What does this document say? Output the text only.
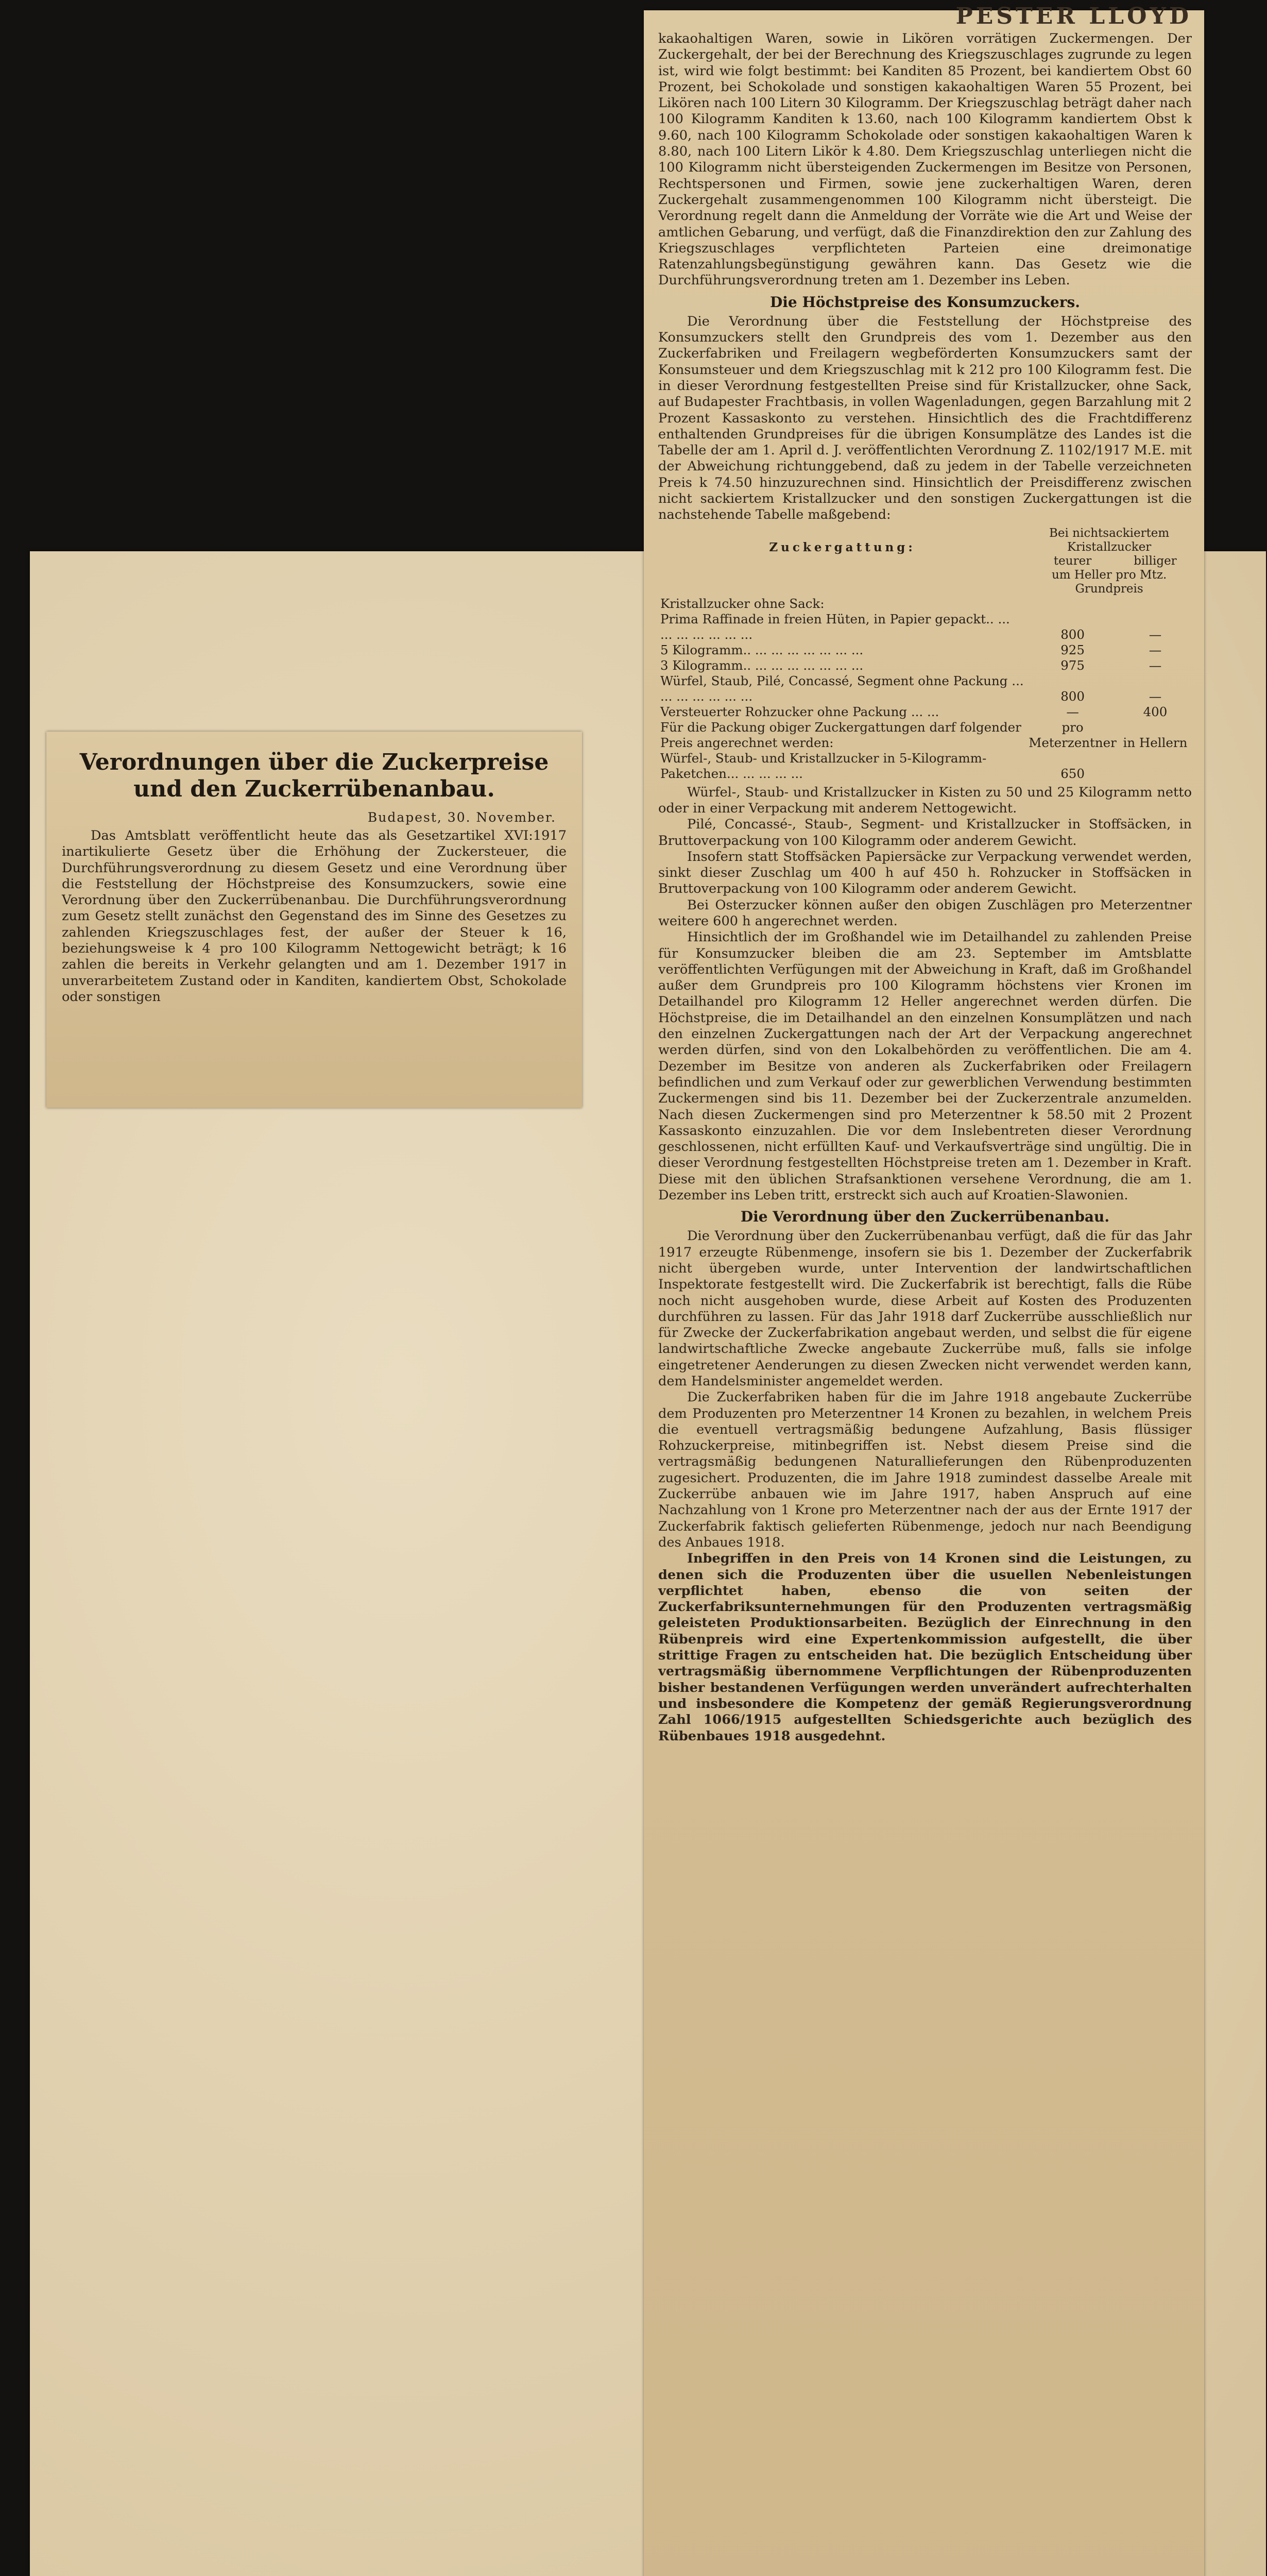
Verordnungen über die Zuckerpreise und den Zuckerrübenanbau.
Budapest, 30. November.

Das Amtsblatt veröffentlicht heute das als Gesetzartikel XVI:1917 inartikulierte Gesetz über die Erhöhung der Zuckersteuer, die Durchführungsverordnung zu diesem Gesetz und eine Verordnung über die Feststellung der Höchstpreise des Konsumzuckers, sowie eine Verordnung über den Zuckerrübenanbau. Die Durchführungsverordnung zum Gesetz stellt zunächst den Gegenstand des im Sinne des Gesetzes zu zahlenden Kriegszuschlages fest, der außer der Steuer k 16, beziehungsweise k 4 pro 100 Kilogramm Nettogewicht beträgt; k 16 zahlen die bereits in Verkehr gelangten und am 1. Dezember 1917 in unverarbeitetem Zustand oder in Kanditen, kandiertem Obst, Schokolade oder sonstigen

PESTER LLOYD

kakaohaltigen Waren, sowie in Likören vorrätigen Zuckermengen. Der Zuckergehalt, der bei der Berechnung des Kriegszuschlages zugrunde zu legen ist, wird wie folgt bestimmt: bei Kanditen 85 Prozent, bei kandiertem Obst 60 Prozent, bei Schokolade und sonstigen kakaohaltigen Waren 55 Prozent, bei Likören nach 100 Litern 30 Kilogramm. Der Kriegszuschlag beträgt daher nach 100 Kilogramm Kanditen k 13.60, nach 100 Kilogramm kandiertem Obst k 9.60, nach 100 Kilogramm Schokolade oder sonstigen kakaohaltigen Waren k 8.80, nach 100 Litern Likör k 4.80. Dem Kriegszuschlag unterliegen nicht die 100 Kilogramm nicht übersteigenden Zuckermengen im Besitze von Personen, Rechtspersonen und Firmen, sowie jene zuckerhaltigen Waren, deren Zuckergehalt zusammengenommen 100 Kilogramm nicht übersteigt. Die Verordnung regelt dann die Anmeldung der Vorräte wie die Art und Weise der amtlichen Gebarung, und verfügt, daß die Finanzdirektion den zur Zahlung des Kriegszuschlages verpflichteten Parteien eine dreimonatige Ratenzahlungsbegünstigung gewähren kann. Das Gesetz wie die Durchführungsverordnung treten am 1. Dezember ins Leben.

Die Höchstpreise des Konsumzuckers.

Die Verordnung über die Feststellung der Höchstpreise des Konsumzuckers stellt den Grundpreis des vom 1. Dezember aus den Zuckerfabriken und Freilagern wegbeförderten Konsumzuckers samt der Konsumsteuer und dem Kriegszuschlag mit k 212 pro 100 Kilogramm fest. Die in dieser Verordnung festgestellten Preise sind für Kristallzucker, ohne Sack, auf Budapester Frachtbasis, in vollen Wagenladungen, gegen Barzahlung mit 2 Prozent Kassaskonto zu verstehen. Hinsichtlich des die Frachtdifferenz enthaltenden Grundpreises für die übrigen Konsumplätze des Landes ist die Tabelle der am 1. April d. J. veröffentlichten Verordnung Z. 1102/1917 M.E. mit der Abweichung richtunggebend, daß zu jedem in der Tabelle verzeichneten Preis k 74.50 hinzuzurechnen sind. Hinsichtlich der Preisdifferenz zwischen nicht sackiertem Kristallzucker und den sonstigen Zuckergattungen ist die nachstehende Tabelle maßgebend:

Zuckergattung:	Bei nichtsackiertem Kristallzucker	
	teurer	billiger
	um Heller pro Mtz. Grundpreis	
Kristallzucker ohne Sack:		
Prima Raffinade in freien Hüten, in Papier gepackt.. ... ... ... ... ... ... ...	800	—
5 Kilogramm.. ... ... ... ... ... ... ...	925	—
3 Kilogramm.. ... ... ... ... ... ... ...	975	—
Würfel, Staub, Pilé, Concassé, Segment ohne Packung ... ... ... ... ... ... ...	800	—
Versteuerter Rohzucker ohne Packung ... ...	—	400
Für die Packung obiger Zuckergattungen darf folgender Preis angerechnet werden:	pro Meterzentner	in Hellern
Würfel-, Staub- und Kristallzucker in 5-Kilogramm-Paketchen... ... ... ... ...	650	

Würfel-, Staub- und Kristallzucker in Kisten zu 50 und 25 Kilogramm netto oder in einer Verpackung mit anderem Nettogewicht.

Pilé, Concassé-, Staub-, Segment- und Kristallzucker in Stoffsäcken, in Bruttoverpackung von 100 Kilogramm oder anderem Gewicht.

Insofern statt Stoffsäcken Papiersäcke zur Verpackung verwendet werden, sinkt dieser Zuschlag um 400 h auf 450 h. Rohzucker in Stoffsäcken in Bruttoverpackung von 100 Kilogramm oder anderem Gewicht.

Bei Osterzucker können außer den obigen Zuschlägen pro Meterzentner weitere 600 h angerechnet werden.

Hinsichtlich der im Großhandel wie im Detailhandel zu zahlenden Preise für Konsumzucker bleiben die am 23. September im Amtsblatte veröffentlichten Verfügungen mit der Abweichung in Kraft, daß im Großhandel außer dem Grundpreis pro 100 Kilogramm höchstens vier Kronen im Detailhandel pro Kilogramm 12 Heller angerechnet werden dürfen. Die Höchstpreise, die im Detailhandel an den einzelnen Konsumplätzen und nach den einzelnen Zuckergattungen nach der Art der Verpackung angerechnet werden dürfen, sind von den Lokalbehörden zu veröffentlichen. Die am 4. Dezember im Besitze von anderen als Zuckerfabriken oder Freilagern befindlichen und zum Verkauf oder zur gewerblichen Verwendung bestimmten Zuckermengen sind bis 11. Dezember bei der Zuckerzentrale anzumelden. Nach diesen Zuckermengen sind pro Meterzentner k 58.50 mit 2 Prozent Kassaskonto einzuzahlen. Die vor dem Inslebentreten dieser Verordnung geschlossenen, nicht erfüllten Kauf- und Verkaufsverträge sind ungültig. Die in dieser Verordnung festgestellten Höchstpreise treten am 1. Dezember in Kraft. Diese mit den üblichen Strafsanktionen versehene Verordnung, die am 1. Dezember ins Leben tritt, erstreckt sich auch auf Kroatien-Slawonien.

Die Verordnung über den Zuckerrübenanbau.

Die Verordnung über den Zuckerrübenanbau verfügt, daß die für das Jahr 1917 erzeugte Rübenmenge, insofern sie bis 1. Dezember der Zuckerfabrik nicht übergeben wurde, unter Intervention der landwirtschaftlichen Inspektorate festgestellt wird. Die Zuckerfabrik ist berechtigt, falls die Rübe noch nicht ausgehoben wurde, diese Arbeit auf Kosten des Produzenten durchführen zu lassen. Für das Jahr 1918 darf Zuckerrübe ausschließlich nur für Zwecke der Zuckerfabrikation angebaut werden, und selbst die für eigene landwirtschaftliche Zwecke angebaute Zuckerrübe muß, falls sie infolge eingetretener Aenderungen zu diesen Zwecken nicht verwendet werden kann, dem Handelsminister angemeldet werden.

Die Zuckerfabriken haben für die im Jahre 1918 angebaute Zuckerrübe dem Produzenten pro Meterzentner 14 Kronen zu bezahlen, in welchem Preis die eventuell vertragsmäßig bedungene Aufzahlung, Basis flüssiger Rohzuckerpreise, mitinbegriffen ist. Nebst diesem Preise sind die vertragsmäßig bedungenen Naturallieferungen den Rübenproduzenten zugesichert. Produzenten, die im Jahre 1918 zumindest dasselbe Areale mit Zuckerrübe anbauen wie im Jahre 1917, haben Anspruch auf eine Nachzahlung von 1 Krone pro Meterzentner nach der aus der Ernte 1917 der Zuckerfabrik faktisch gelieferten Rübenmenge, jedoch nur nach Beendigung des Anbaues 1918.

Inbegriffen in den Preis von 14 Kronen sind die Leistungen, zu denen sich die Produzenten über die usuellen Nebenleistungen verpflichtet haben, ebenso die von seiten der Zuckerfabriksunternehmungen für den Produzenten vertragsmäßig geleisteten Produktionsarbeiten. Bezüglich der Einrechnung in den Rübenpreis wird eine Expertenkommission aufgestellt, die über strittige Fragen zu entscheiden hat. Die bezüglich Entscheidung über vertragsmäßig übernommene Verpflichtungen der Rübenproduzenten bisher bestandenen Verfügungen werden unverändert aufrechterhalten und insbesondere die Kompetenz der gemäß Regierungsverordnung Zahl 1066/1915 aufgestellten Schiedsgerichte auch bezüglich des Rübenbaues 1918 ausgedehnt.
